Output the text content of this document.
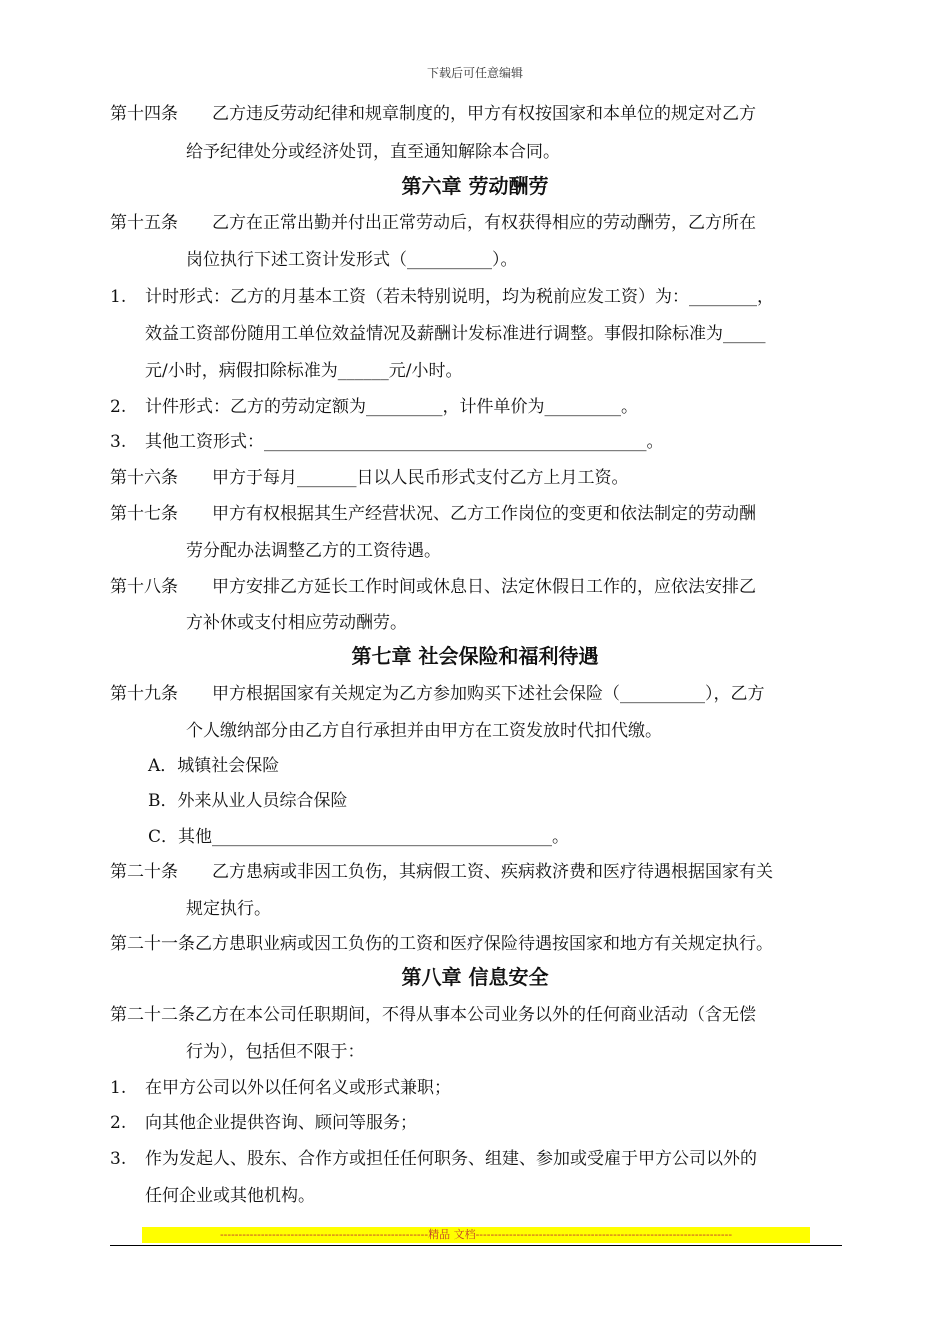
下载后可任意编辑
第十四条 乙方违反劳动纪律和规章制度的，甲方有权按国家和本单位的规定对乙方
给予纪律处分或经济处罚，直至通知解除本合同。
第六章 劳动酬劳
第十五条 乙方在正常出勤并付出正常劳动后，有权获得相应的劳动酬劳，乙方所在
岗位执行下述工资计发形式（__________）。
1. 计时形式：乙方的月基本工资（若未特别说明，均为税前应发工资）为：________，
效益工资部份随用工单位效益情况及薪酬计发标准进行调整。事假扣除标准为_____
元/小时，病假扣除标准为______元/小时。
2. 计件形式：乙方的劳动定额为_________，计件单价为_________。
3. 其他工资形式：_____________________________________________。
第十六条 甲方于每月_______日以人民币形式支付乙方上月工资。
第十七条 甲方有权根据其生产经营状况、乙方工作岗位的变更和依法制定的劳动酬
劳分配办法调整乙方的工资待遇。
第十八条 甲方安排乙方延长工作时间或休息日、法定休假日工作的，应依法安排乙
方补休或支付相应劳动酬劳。
第七章 社会保险和福利待遇
第十九条 甲方根据国家有关规定为乙方参加购买下述社会保险（__________），乙方
个人缴纳部分由乙方自行承担并由甲方在工资发放时代扣代缴。
A．城镇社会保险
B．外来从业人员综合保险
C．其他________________________________________。
第二十条 乙方患病或非因工负伤，其病假工资、疾病救济费和医疗待遇根据国家有关
规定执行。
第二十一条乙方患职业病或因工负伤的工资和医疗保险待遇按国家和地方有关规定执行。
第八章 信息安全
第二十二条乙方在本公司任职期间，不得从事本公司业务以外的任何商业活动（含无偿
行为），包括但不限于：
1. 在甲方公司以外以任何名义或形式兼职；
2. 向其他企业提供咨询、顾问等服务；
3. 作为发起人、股东、合作方或担任任何职务、组建、参加或受雇于甲方公司以外的
任何企业或其他机构。
--------------------------------------------------------精品 文档---------------------------------------------------------------------
